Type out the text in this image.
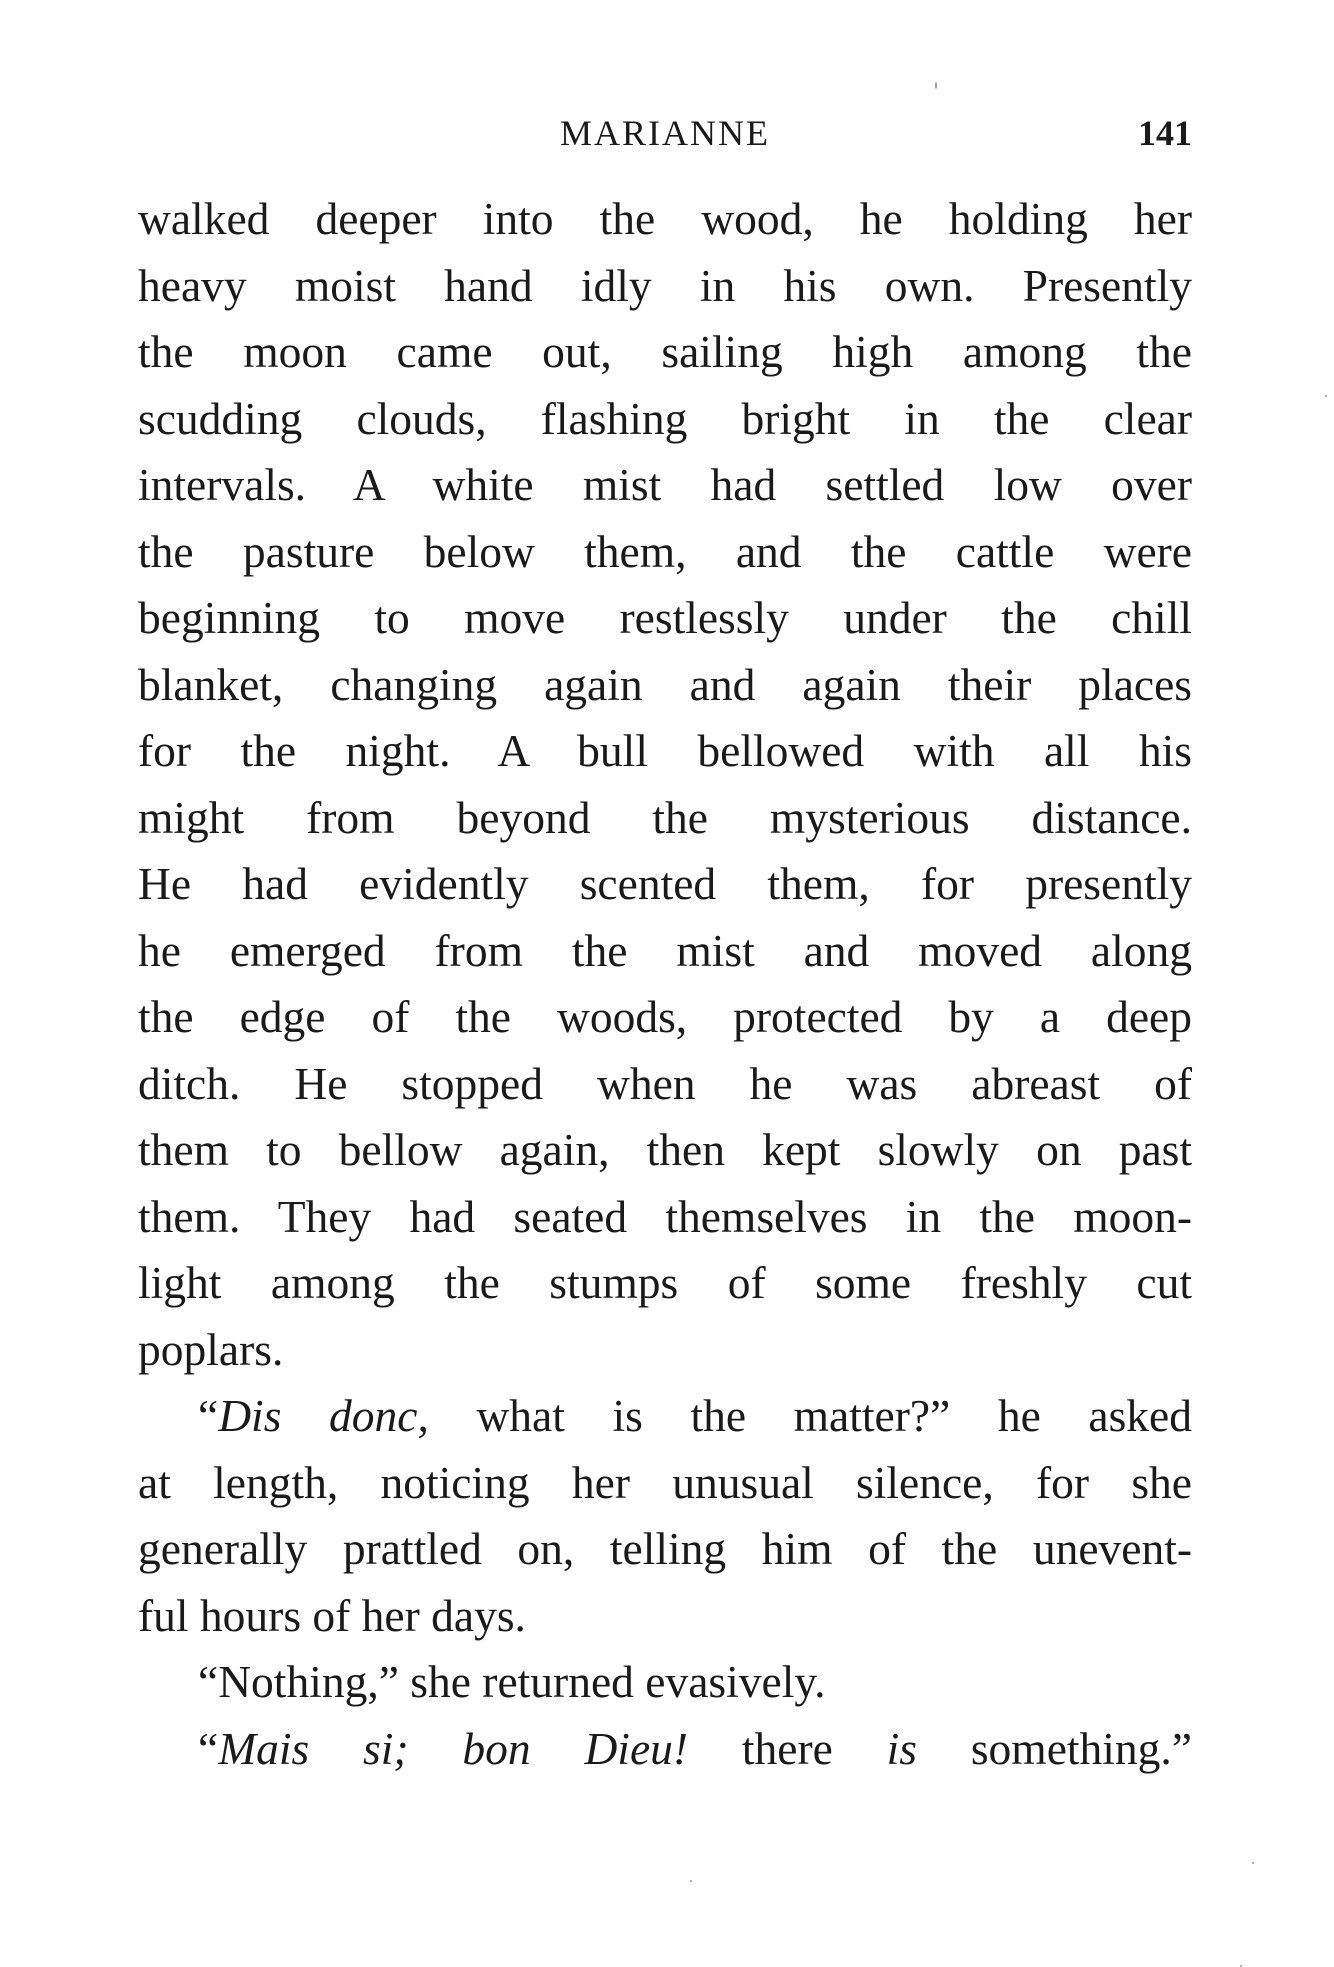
MARIANNE	141
walked deeper into the wood, he holding her
heavy moist hand idly in his own. Presently
the moon came out, sailing high among the
scudding clouds, flashing bright in the clear
intervals. A white mist had settled low over
the pasture below them, and the cattle were
beginning to move restlessly under the chill
blanket, changing again and again their places
for the night. A bull bellowed with all his
might from beyond the mysterious distance.
He had evidently scented them, for presently
he emerged from the mist and moved along
the edge of the woods, protected by a deep
ditch. He stopped when he was abreast of
them to bellow again, then kept slowly on past
them. They had seated themselves in the moon-
light among the stumps of some freshly cut
poplars.
“Dis donc, what is the matter?” he asked
at length, noticing her unusual silence, for she
generally prattled on, telling him of the unevent-
ful hours of her days.
“Nothing,” she returned evasively.
“Mais si; bon Dieu! there is something.”
